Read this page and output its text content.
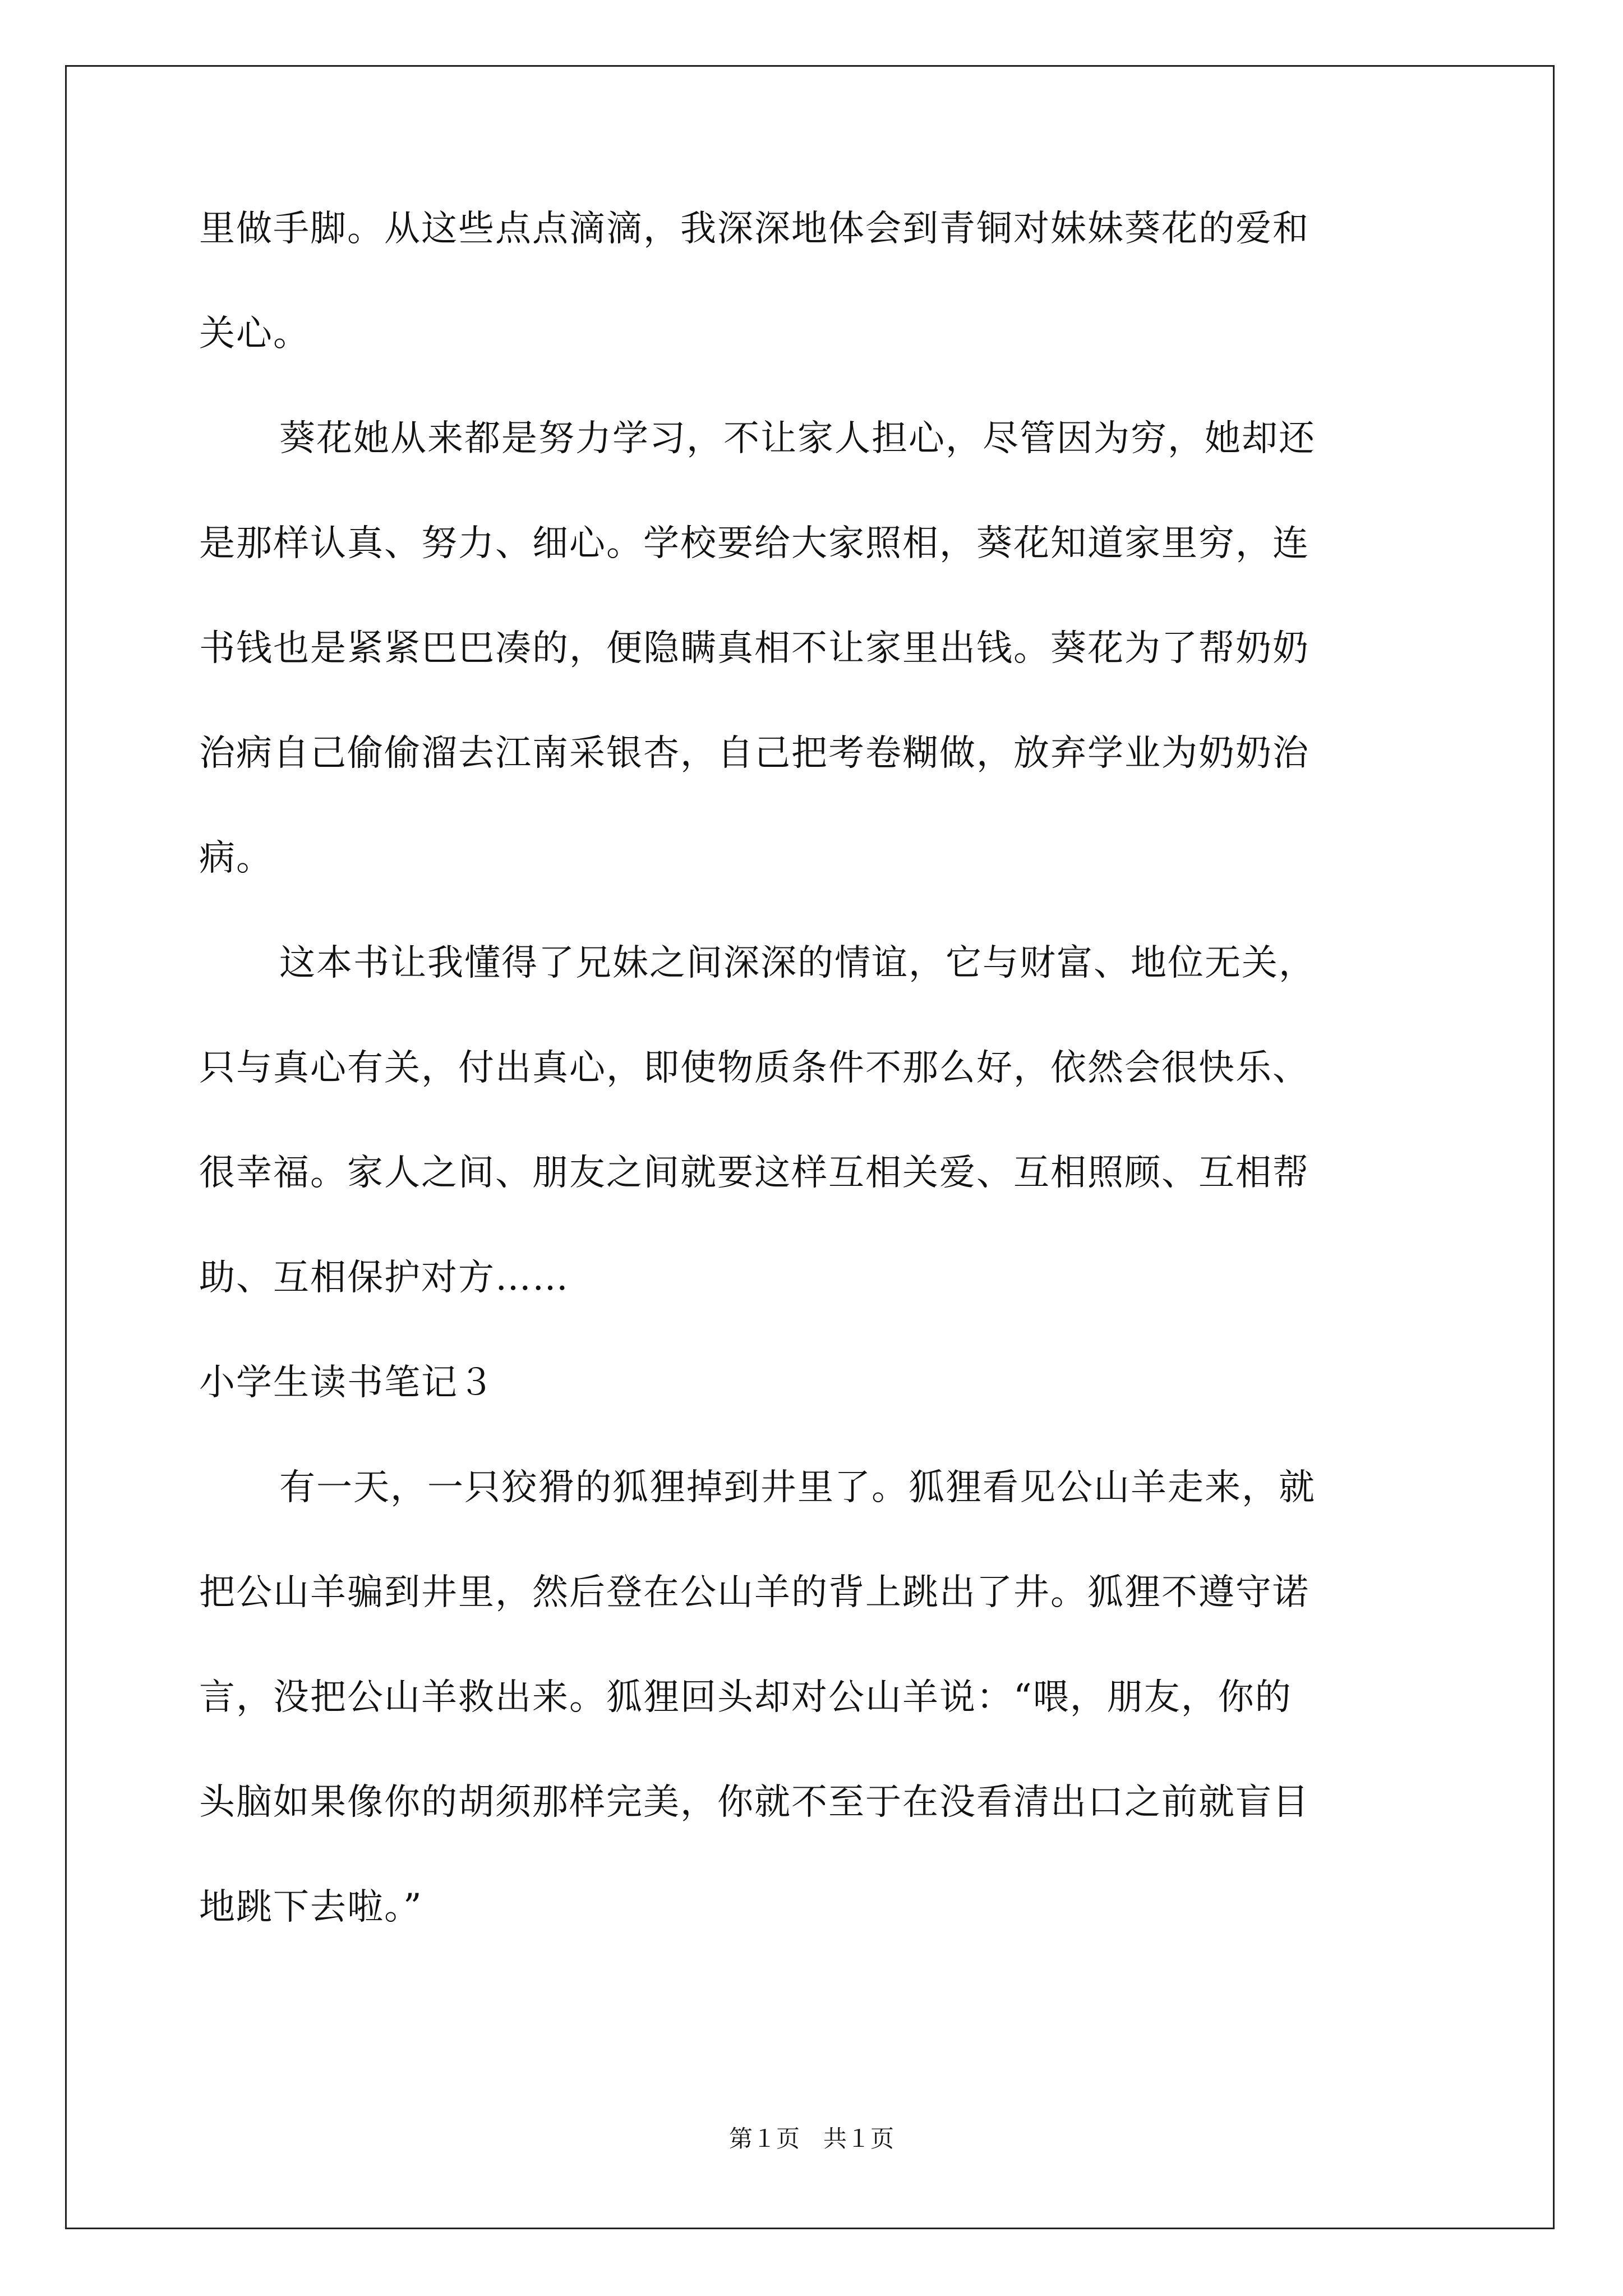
里做手脚。从这些点点滴滴，我深深地体会到青铜对妹妹葵花的爱和
关心。
葵花她从来都是努力学习，不让家人担心，尽管因为穷，她却还
是那样认真、努力、细心。学校要给大家照相，葵花知道家里穷，连
书钱也是紧紧巴巴凑的，便隐瞒真相不让家里出钱。葵花为了帮奶奶
治病自己偷偷溜去江南采银杏，自己把考卷糊做，放弃学业为奶奶治
病。
这本书让我懂得了兄妹之间深深的情谊，它与财富、地位无关，
只与真心有关，付出真心，即使物质条件不那么好，依然会很快乐、
很幸福。家人之间、朋友之间就要这样互相关爱、互相照顾、互相帮
助、互相保护对方……
小学生读书笔记３
有一天，一只狡猾的狐狸掉到井里了。狐狸看见公山羊走来，就
把公山羊骗到井里，然后登在公山羊的背上跳出了井。狐狸不遵守诺
言，没把公山羊救出来。狐狸回头却对公山羊说：“喂，朋友，你的
头脑如果像你的胡须那样完美，你就不至于在没看清出口之前就盲目
地跳下去啦。”
第１页　共１页
